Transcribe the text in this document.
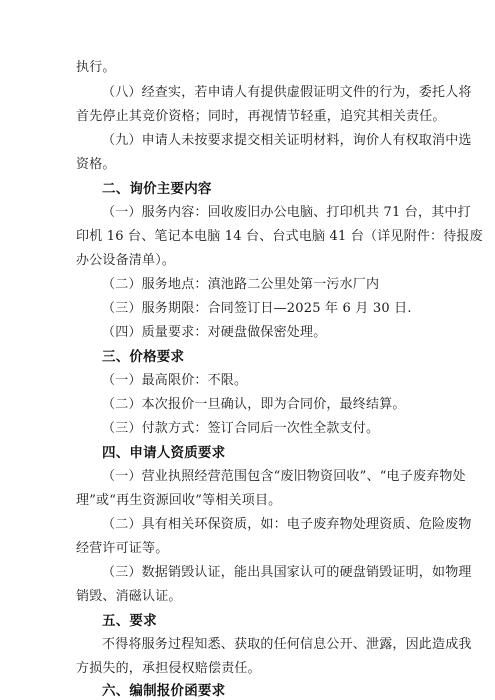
执行。
（八）经查实，若申请人有提供虚假证明文件的行为，委托人将
首先停止其竞价资格；同时，再视情节轻重，追究其相关责任。
（九）申请人未按要求提交相关证明材料，询价人有权取消中选
资格。
二、询价主要内容
（一）服务内容：回收废旧办公电脑、打印机共 71 台，其中打
印机 16 台、笔记本电脑 14 台、台式电脑 41 台（详见附件：待报废
办公设备清单）。
（二）服务地点：滇池路二公里处第一污水厂内
（三）服务期限：合同签订日—2025 年 6 月 30 日.
（四）质量要求：对硬盘做保密处理。
三、价格要求
（一）最高限价：不限。
（二）本次报价一旦确认，即为合同价，最终结算。
（三）付款方式：签订合同后一次性全款支付。
四、申请人资质要求
（一）营业执照经营范围包含“废旧物资回收”、“电子废弃物处
理”或“再生资源回收”等相关项目。
（二）具有相关环保资质，如：电子废弃物处理资质、危险废物
经营许可证等。
（三）数据销毁认证，能出具国家认可的硬盘销毁证明，如物理
销毁、消磁认证。
五、要求
不得将服务过程知悉、获取的任何信息公开、泄露，因此造成我
方损失的，承担侵权赔偿责任。
六、编制报价函要求
